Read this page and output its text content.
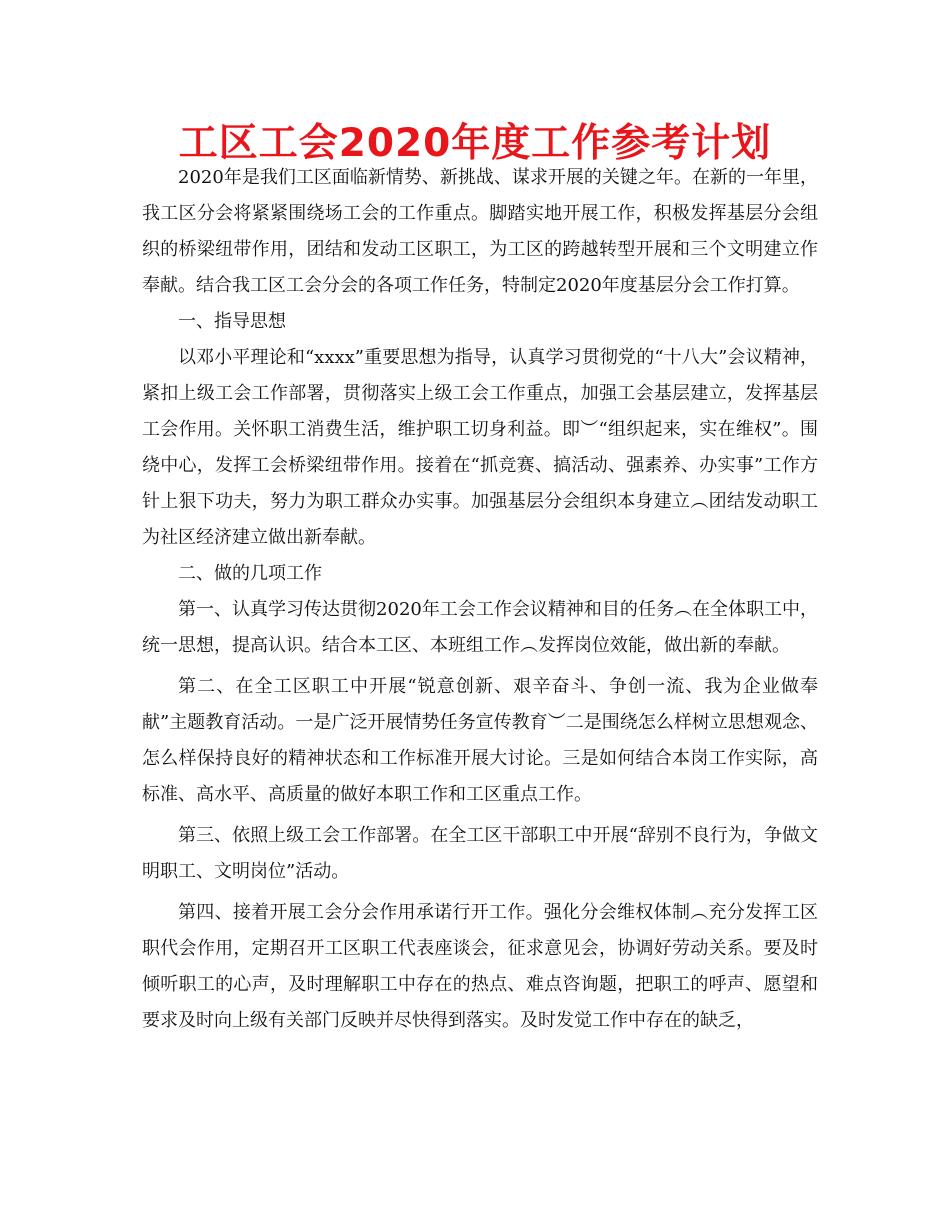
工区工会2020年度工作参考计划

2020年是我们工区面临新情势、新挑战、谋求开展的关键之年。在新的一年里，我工区分会将紧紧围绕场工会的工作重点。脚踏实地开展工作，积极发挥基层分会组织的桥梁纽带作用，团结和发动工区职工，为工区的跨越转型开展和三个文明建立作奉献。结合我工区工会分会的各项工作任务，特制定2020年度基层分会工作打算。

一、指导思想

以邓小平理论和“xxxx”重要思想为指导，认真学习贯彻党的“十八大”会议精神，紧扣上级工会工作部署，贯彻落实上级工会工作重点，加强工会基层建立，发挥基层工会作用。关怀职工消费生活，维护职工切身利益。即︶“组织起来，实在维权”。围绕中心，发挥工会桥梁纽带作用。接着在“抓竞赛、搞活动、强素养、办实事”工作方针上狠下功夫，努力为职工群众办实事。加强基层分会组织本身建立︵团结发动职工为社区经济建立做出新奉献。

二、做的几项工作

第一、认真学习传达贯彻2020年工会工作会议精神和目的任务︵在全体职工中，统一思想，提高认识。结合本工区、本班组工作︵发挥岗位效能，做出新的奉献。

第二、在全工区职工中开展“锐意创新、艰辛奋斗、争创一流、我为企业做奉献”主题教育活动。一是广泛开展情势任务宣传教育︶二是围绕怎么样树立思想观念、怎么样保持良好的精神状态和工作标准开展大讨论。三是如何结合本岗工作实际，高标准、高水平、高质量的做好本职工作和工区重点工作。

第三、依照上级工会工作部署。在全工区干部职工中开展“辞别不良行为，争做文明职工、文明岗位”活动。

第四、接着开展工会分会作用承诺行开工作。强化分会维权体制︵充分发挥工区职代会作用，定期召开工区职工代表座谈会，征求意见会，协调好劳动关系。要及时倾听职工的心声，及时理解职工中存在的热点、难点咨询题，把职工的呼声、愿望和要求及时向上级有关部门反映并尽快得到落实。及时发觉工作中存在的缺乏，
